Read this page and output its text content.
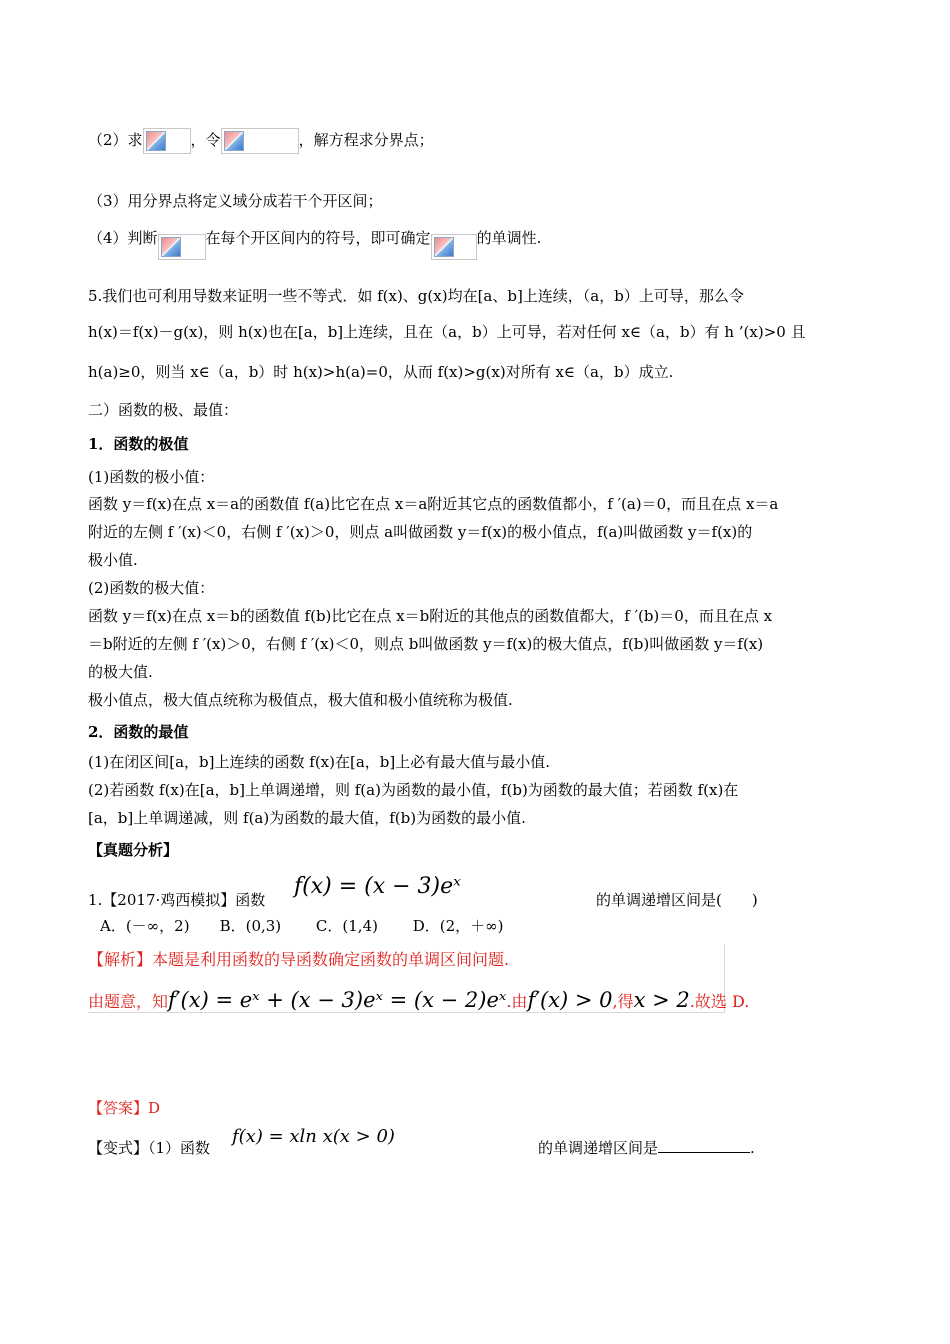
（2）求	，令	，解方程求分界点；
（3）用分界点将定义域分成若干个开区间；
（4）判断	在每个开区间内的符号，即可确定	的单调性.
5.我们也可利用导数来证明一些不等式．如 f(x)、g(x)均在[a、b]上连续，（a，b）上可导，那么令
h(x)＝f(x)－g(x)，则 h(x)也在[a，b]上连续，且在（a，b）上可导，若对任何 x∈（a，b）有 h ’(x)>0 且
h(a)≥0，则当 x∈（a，b）时 h(x)>h(a)=0，从而 f(x)>g(x)对所有 x∈（a，b）成立.
二）函数的极、最值：
1．函数的极值
(1)函数的极小值：
函数 y＝f(x)在点 x＝a的函数值 f(a)比它在点 x＝a附近其它点的函数值都小，f ′(a)＝0，而且在点 x＝a
附近的左侧 f ′(x)＜0，右侧 f ′(x)＞0，则点 a叫做函数 y＝f(x)的极小值点，f(a)叫做函数 y＝f(x)的
极小值.
(2)函数的极大值：
函数 y＝f(x)在点 x＝b的函数值 f(b)比它在点 x＝b附近的其他点的函数值都大，f ′(b)＝0，而且在点 x
＝b附近的左侧 f ′(x)＞0，右侧 f ′(x)＜0，则点 b叫做函数 y＝f(x)的极大值点，f(b)叫做函数 y＝f(x)
的极大值.
极小值点，极大值点统称为极值点，极大值和极小值统称为极值.
2．函数的最值
(1)在闭区间[a，b]上连续的函数 f(x)在[a，b]上必有最大值与最小值.
(2)若函数 f(x)在[a，b]上单调递增，则 f(a)为函数的最小值，f(b)为函数的最大值；若函数 f(x)在
[a，b]上单调递减，则 f(a)为函数的最大值，f(b)为函数的最小值.
【真题分析】
1.【2017·鸡西模拟】函数
f(x) = (x − 3)eˣ
的单调递增区间是(　　)
A．(－∞，2)　　B．(0,3)　　 C．(1,4)　　 D．(2，＋∞)
【解析】本题是利用函数的导函数确定函数的单调区间问题.
由题意，知f′(x) = eˣ + (x − 3)eˣ = (x − 2)eˣ.由f′(x) > 0,得x > 2.故选 D.
【答案】D
【变式】（1）函数
f(x) = xln x(x > 0)
的单调递增区间是	.
